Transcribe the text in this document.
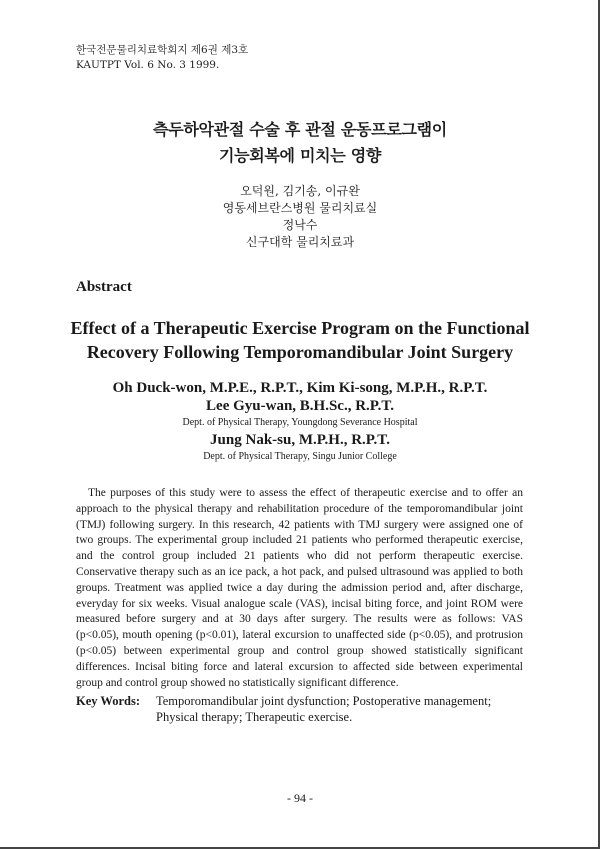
한국전문물리치료학회지 제6권 제3호
KAUTPT Vol. 6 No. 3 1999.
측두하악관절 수술 후 관절 운동프로그램이
기능회복에 미치는 영향
오덕원, 김기송, 이규완
영동세브란스병원 물리치료실
정낙수
신구대학 물리치료과
Abstract
Effect of a Therapeutic Exercise Program on the Functional
Recovery Following Temporomandibular Joint Surgery
Oh Duck-won, M.P.E., R.P.T., Kim Ki-song, M.P.H., R.P.T.
Lee Gyu-wan, B.H.Sc., R.P.T.
Dept. of Physical Therapy, Youngdong Severance Hospital
Jung Nak-su, M.P.H., R.P.T.
Dept. of Physical Therapy, Singu Junior College

The purposes of this study were to assess the effect of therapeutic exercise and to offer an approach to the physical therapy and rehabilitation procedure of the temporomandibular joint (TMJ) following surgery. In this research, 42 patients with TMJ surgery were assigned one of two groups. The experimental group included 21 patients who performed therapeutic exercise, and the control group included 21 patients who did not perform therapeutic exercise. Conservative therapy such as an ice pack, a hot pack, and pulsed ultrasound was applied to both groups. Treatment was applied twice a day during the admission period and, after discharge, everyday for six weeks. Visual analogue scale (VAS), incisal biting force, and joint ROM were measured before surgery and at 30 days after surgery. The results were as follows: VAS (p<0.05), mouth opening (p<0.01), lateral excursion to unaffected side (p<0.05), and protrusion (p<0.05) between experimental group and control group showed statistically significant differences. Incisal biting force and lateral excursion to affected side between experimental group and control group showed no statistically significant difference.

Key Words: Temporomandibular joint dysfunction; Postoperative management;
Physical therapy; Therapeutic exercise.
- 94 -
